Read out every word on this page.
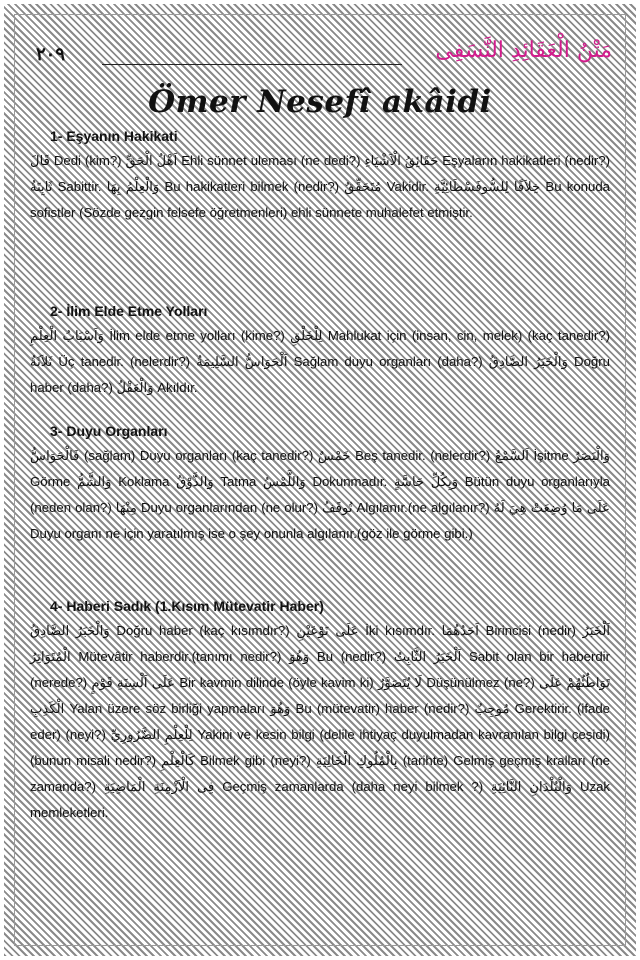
٢٠٩	مَتْنُ الْعَقَائِدِ النَّسَفِى
Ömer Nesefî akâidi
1- Eşyanın Hakikati

قَالَ Dedi (kim?) اَهْلُ الْحَقِّ Ehli sünnet uleması (ne dedi?) حَقَائِقُ الْاَشْيَاءِ Eşyaların hakikatleri (nedir?) ثَابِتَةٌ Sabittir. وَالْعِلْمُ بِهَا Bu hakikatleri bilmek (nedir?) مُتَحَقِّقٌ Vakidir. خِلاَفًا لِلسُّوفَسْطَائِيَّةِ Bu konuda sofistler (Sözde gezgin felsefe öğretmenleri) ehli sünnete muhalefet etmiştir.

2- İlim Elde Etme Yolları

وَاَسْبَابُ الْعِلْمِ İlim elde etme yolları (kime?) لِلْخَلْقِ Mahlukat için (insan, cin, melek) (kaç tanedir?) ثَلاَثَةٌ Üç tanedir. (nelerdir?) اَلْحَوَاسُّ السَّلِيمَةُ Sağlam duyu organları (daha?) وَالْخَبَرُ الصَّادِقُ Doğru haber (daha?) وَالْعَقْلُ Akıldır.

3- Duyu Organları

فَالْحَوَاسُّ (sağlam) Duyu organları (kaç tanedir?) خَمْسٌ Beş tanedir. (nelerdir?) اَلسَّمْعُ İşitme وَالْبَصَرُ Görme وَالشَّمُّ Koklama وَالذَّوْقُ Tatma وَاللَّمْسُ Dokunmadır. وَبِكُلِّ حَاسَّةٍ Bütün duyu organlarıyla (neden olan?) مِنْهَا Duyu organlarından (ne olur?) تُوقَفُ Algılanır.(ne algılanır?) عَلَى مَا وُضِعَتْ هِيَ لَهُ Duyu organı ne için yaratılmış ise o şey onunla algılanır.(göz ile görme gibi.)

4- Haberi Sadık (1.Kısım Mütevatir Haber)

وَالْخَبَرُ الصَّادِقُ Doğru haber (kaç kısımdır?) عَلَى نَوْعَيْنِ İki kısımdır. اَحَدُهُمَا Birincisi (nedir) اَلْخَبَرُ الْمُتَوَاتِرُ Mütevâtir haberdir.(tanımı nedir?) وَهُوَ Bu (nedir?) اَلْخَبَرُ الثَّابِتُ Sabit olan bir haberdir (nerede?) عَلَى اَلْسِنَةِ قَوْمٍ Bir kavmin dilinde (öyle kavim ki) لَا يُتَصَوَّرُ Düşünülmez (ne?) تَوَاطُئُهُمْ عَلَى الْكَذِبِ Yalan üzere söz birliği yapmaları وَهُوَ Bu (mütevatir) haber (nedir?) مُوجِبٌ Gerektirir. (ifade eder) (neyi?) لِلْعِلْمِ الضَّرُورِيِّ Yakini ve kesin bilgi (delile ihtiyaç duyulmadan kavranılan bilgi çeşidi) (bunun misali nedir?) كَالْعِلْمِ Bilmek gibi (neyi?) بِالْمُلُوكِ الْخَالِيَةِ (tarihte) Gelmiş geçmiş kralları (ne zamanda?) فِى الْاَزْمِنَةِ الْمَاضِيَةِ Geçmiş zamanlarda (daha neyi bilmek ?) وَالْبُلْدَانِ النَّائِيَةِ Uzak memleketleri.
